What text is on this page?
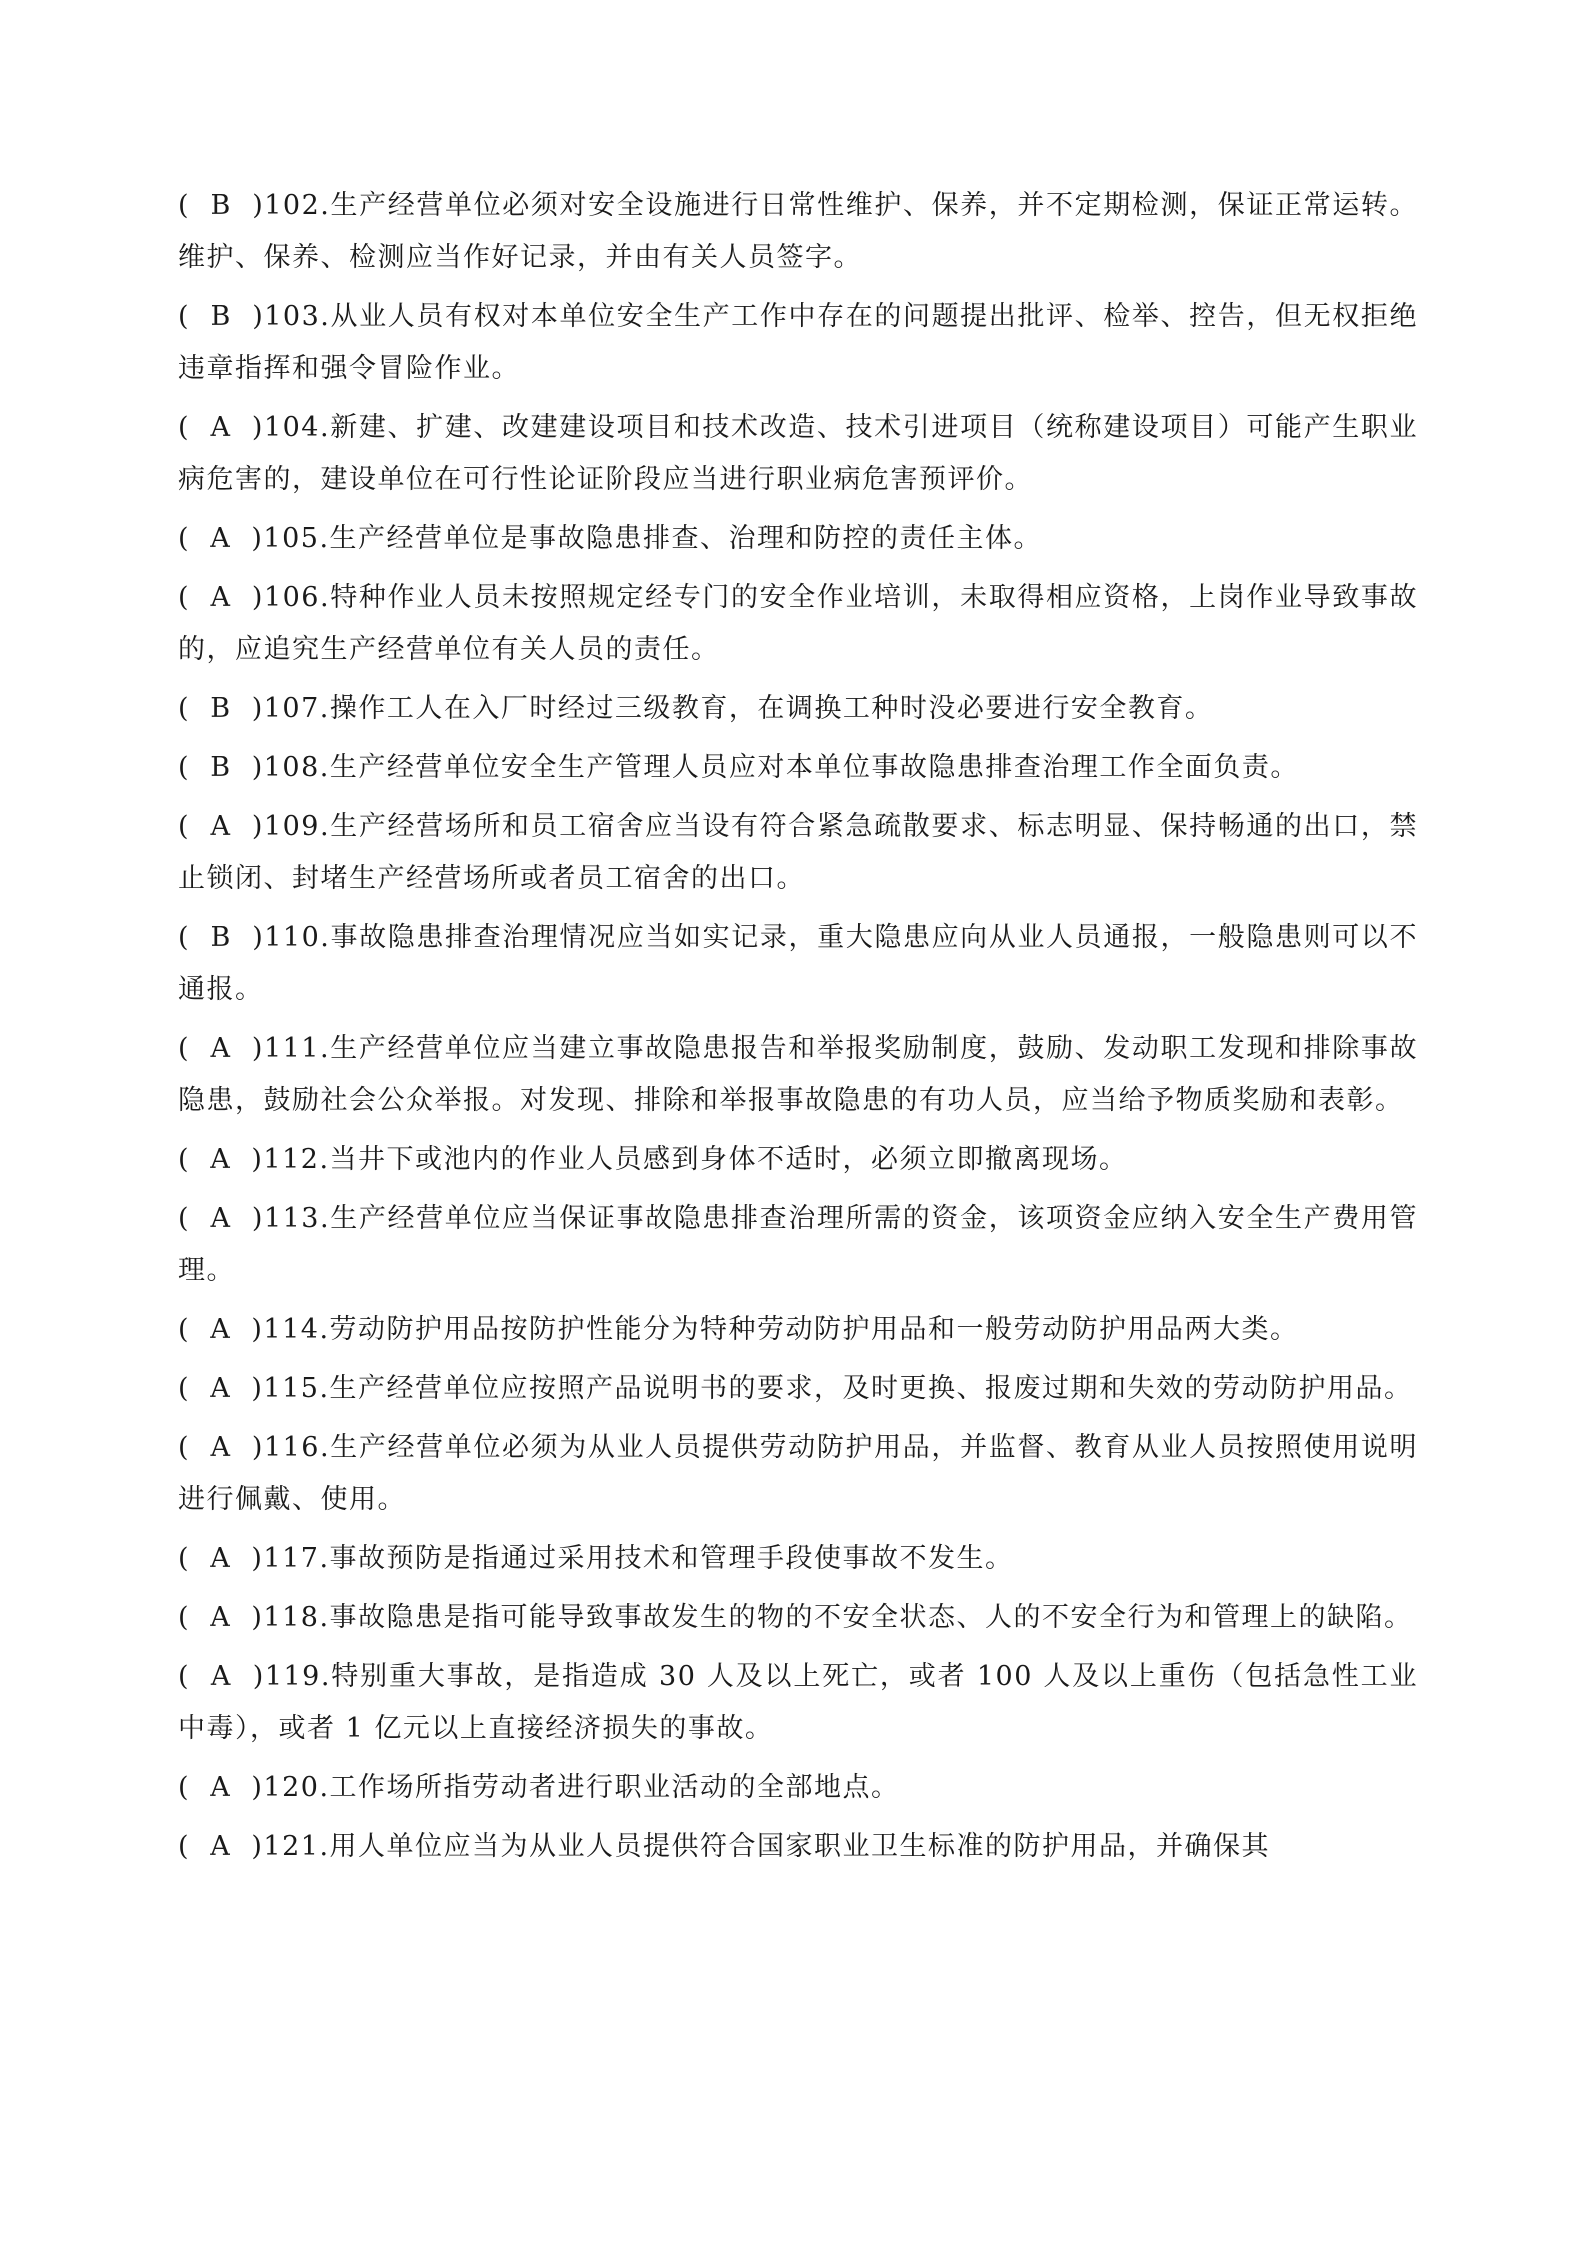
(  B  )102.生产经营单位必须对安全设施进行日常性维护、保养，并不定期检测，保证正常运转。维护、保养、检测应当作好记录，并由有关人员签字。

(  B  )103.从业人员有权对本单位安全生产工作中存在的问题提出批评、检举、控告，但无权拒绝违章指挥和强令冒险作业。

(  A  )104.新建、扩建、改建建设项目和技术改造、技术引进项目（统称建设项目）可能产生职业病危害的，建设单位在可行性论证阶段应当进行职业病危害预评价。

(  A  )105.生产经营单位是事故隐患排查、治理和防控的责任主体。

(  A  )106.特种作业人员未按照规定经专门的安全作业培训，未取得相应资格，上岗作业导致事故的，应追究生产经营单位有关人员的责任。

(  B  )107.操作工人在入厂时经过三级教育，在调换工种时没必要进行安全教育。

(  B  )108.生产经营单位安全生产管理人员应对本单位事故隐患排查治理工作全面负责。

(  A  )109.生产经营场所和员工宿舍应当设有符合紧急疏散要求、标志明显、保持畅通的出口，禁止锁闭、封堵生产经营场所或者员工宿舍的出口。

(  B  )110.事故隐患排查治理情况应当如实记录，重大隐患应向从业人员通报，一般隐患则可以不通报。

(  A  )111.生产经营单位应当建立事故隐患报告和举报奖励制度，鼓励、发动职工发现和排除事故隐患，鼓励社会公众举报。对发现、排除和举报事故隐患的有功人员，应当给予物质奖励和表彰。

(  A  )112.当井下或池内的作业人员感到身体不适时，必须立即撤离现场。

(  A  )113.生产经营单位应当保证事故隐患排查治理所需的资金，该项资金应纳入安全生产费用管理。

(  A  )114.劳动防护用品按防护性能分为特种劳动防护用品和一般劳动防护用品两大类。

(  A  )115.生产经营单位应按照产品说明书的要求，及时更换、报废过期和失效的劳动防护用品。

(  A  )116.生产经营单位必须为从业人员提供劳动防护用品，并监督、教育从业人员按照使用说明进行佩戴、使用。

(  A  )117.事故预防是指通过采用技术和管理手段使事故不发生。

(  A  )118.事故隐患是指可能导致事故发生的物的不安全状态、人的不安全行为和管理上的缺陷。

(  A  )119.特别重大事故，是指造成 30 人及以上死亡，或者 100 人及以上重伤（包括急性工业中毒），或者 1 亿元以上直接经济损失的事故。

(  A  )120.工作场所指劳动者进行职业活动的全部地点。

(  A  )121.用人单位应当为从业人员提供符合国家职业卫生标准的防护用品，并确保其
